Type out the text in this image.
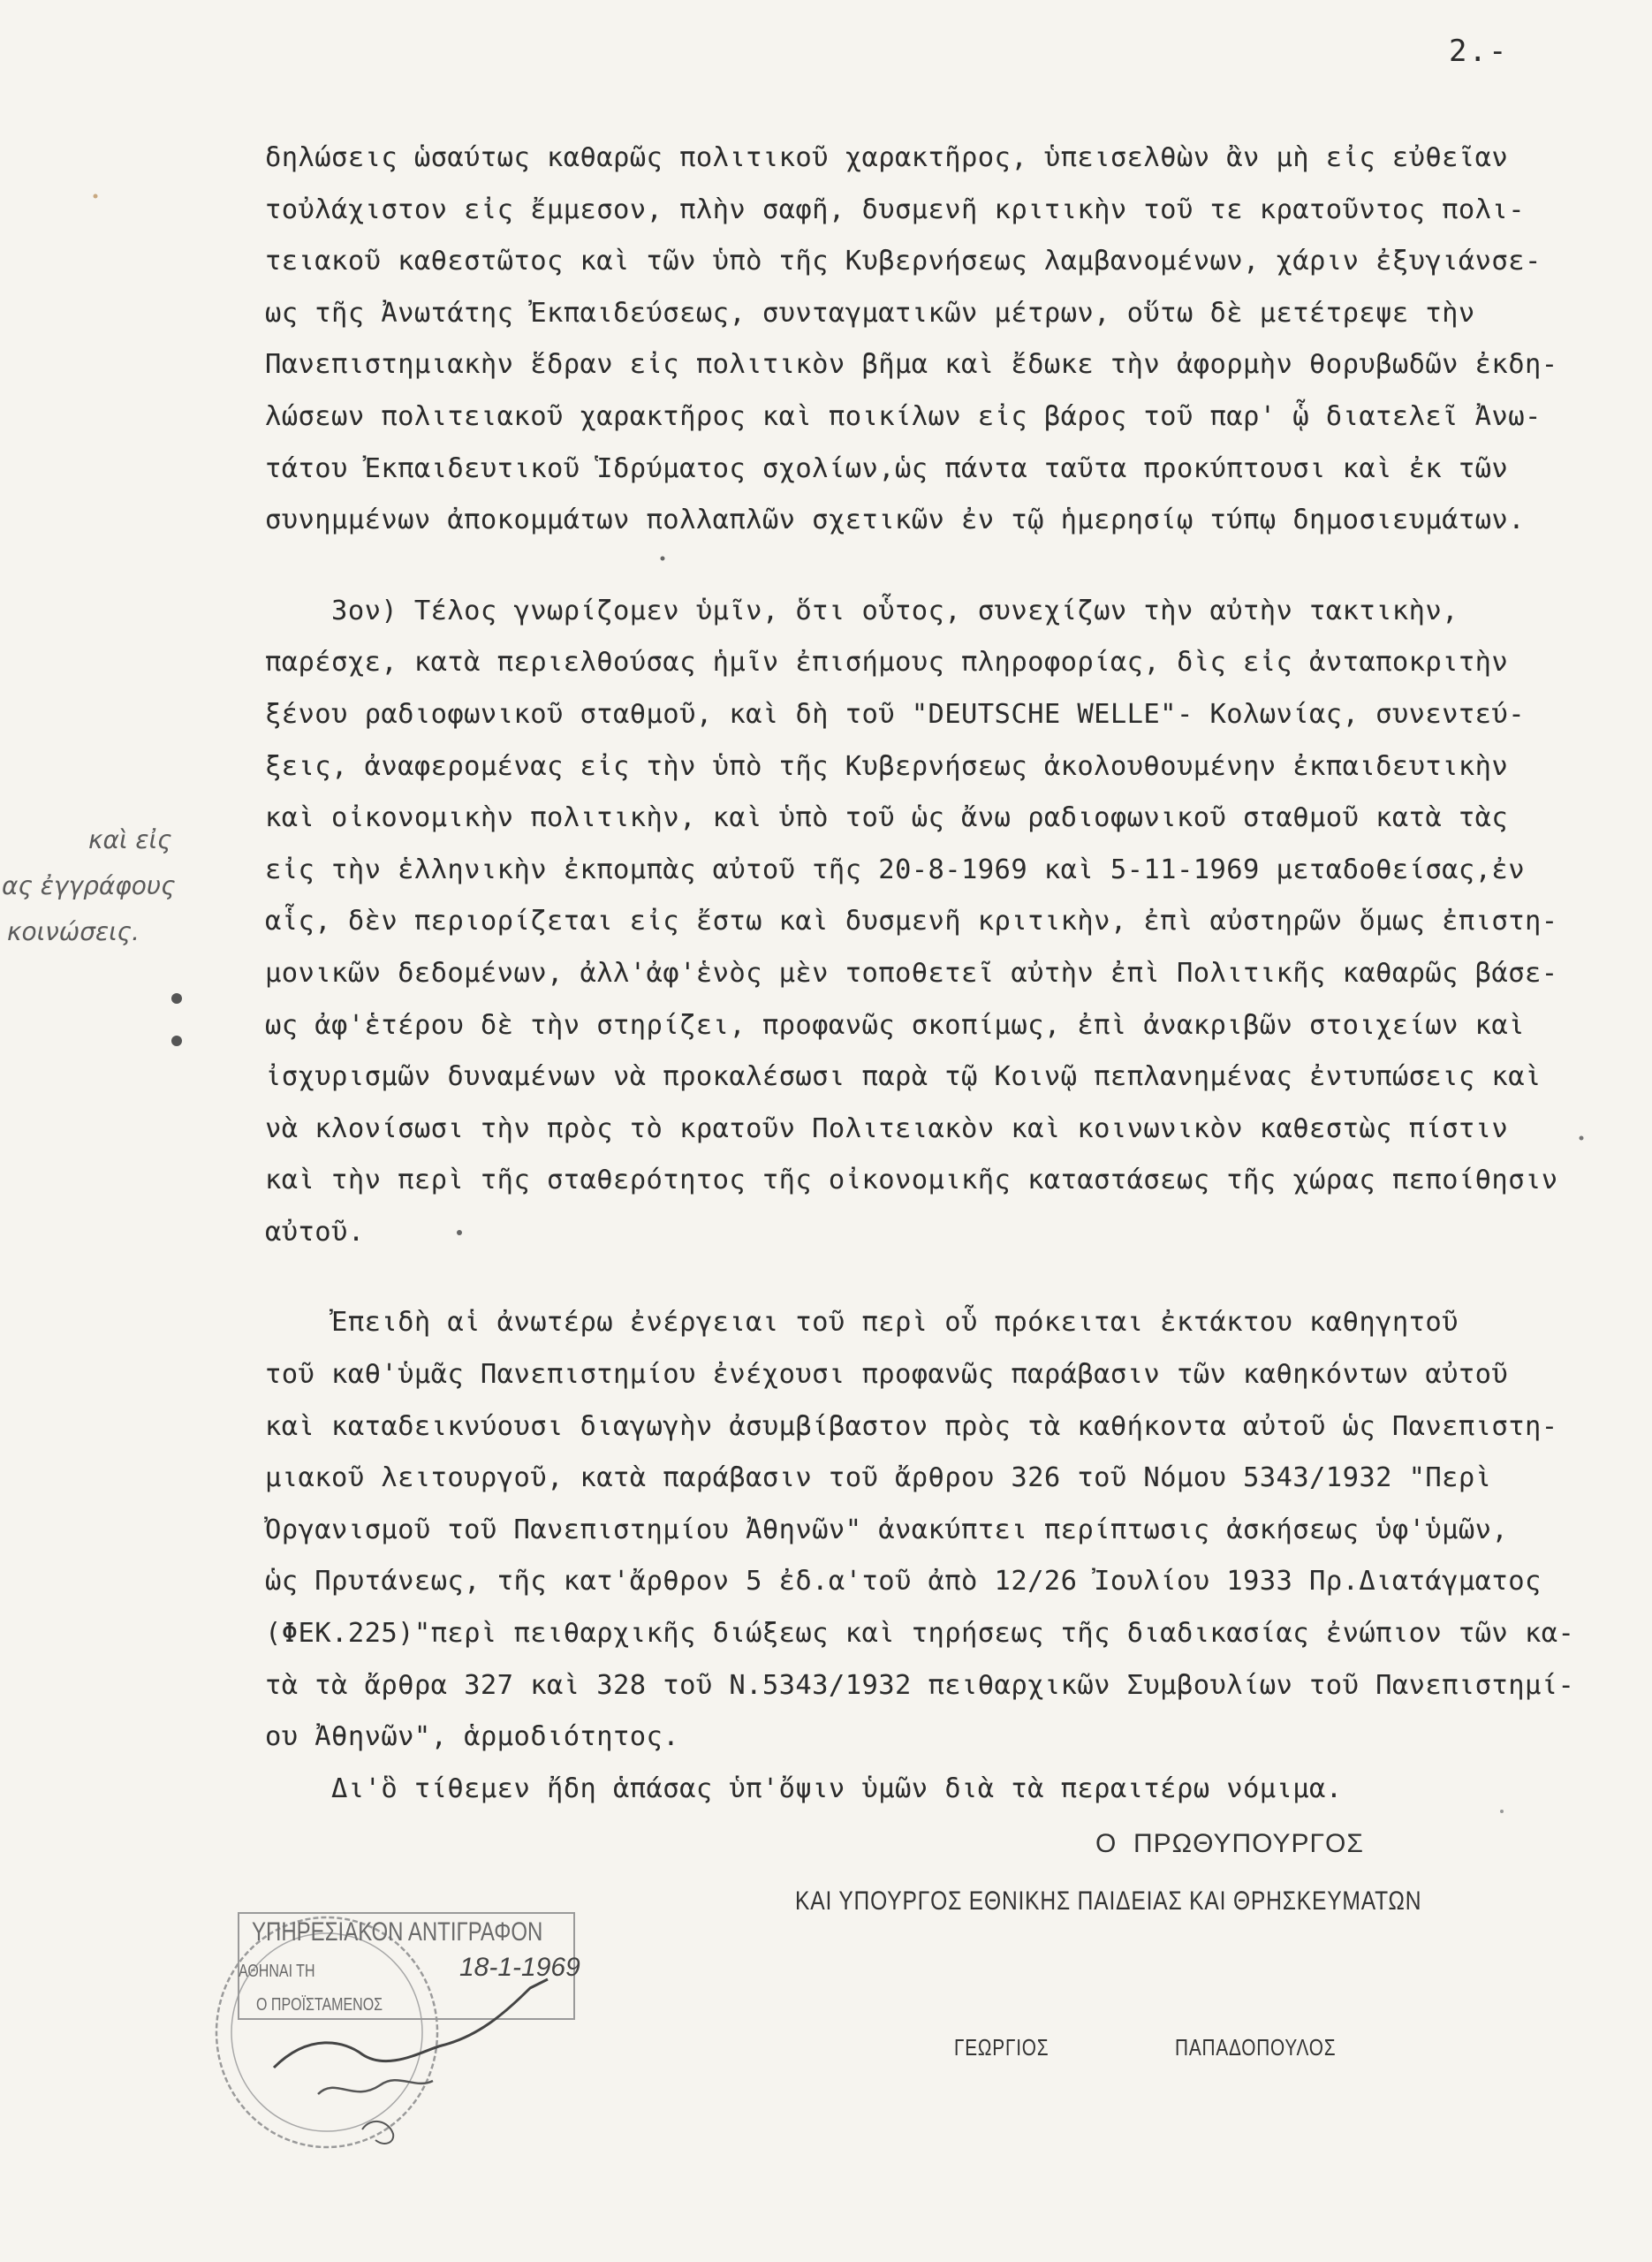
2.-
δηλώσεις ὡσαύτως καθαρῶς πολιτικοῦ χαρακτῆρος, ὑπεισελθὼν ἂν μὴ εἰς εὐθεῖαν
τοὐλάχιστον εἰς ἔμμεσον, πλὴν σαφῆ, δυσμενῆ κριτικὴν τοῦ τε κρατοῦντος πολι-
τειακοῦ καθεστῶτος καὶ τῶν ὑπὸ τῆς Κυβερνήσεως λαμβανομένων, χάριν ἐξυγιάνσε-
ως τῆς Ἀνωτάτης Ἐκπαιδεύσεως, συνταγματικῶν μέτρων, οὕτω δὲ μετέτρεψε τὴν
Πανεπιστημιακὴν ἕδραν εἰς πολιτικὸν βῆμα καὶ ἔδωκε τὴν ἀφορμὴν θορυβωδῶν ἐκδη-
λώσεων πολιτειακοῦ χαρακτῆρος καὶ ποικίλων εἰς βάρος τοῦ παρ' ᾧ διατελεῖ Ἀνω-
τάτου Ἐκπαιδευτικοῦ Ἱδρύματος σχολίων,ὡς πάντα ταῦτα προκύπτουσι καὶ ἐκ τῶν
συνημμένων ἀποκομμάτων πολλαπλῶν σχετικῶν ἐν τῷ ἡμερησίῳ τύπῳ δημοσιευμάτων.
3ον) Τέλος γνωρίζομεν ὑμῖν, ὅτι οὗτος, συνεχίζων τὴν αὐτὴν τακτικὴν,
παρέσχε, κατὰ περιελθούσας ἡμῖν ἐπισήμους πληροφορίας, δὶς εἰς ἀνταποκριτὴν
ξένου ραδιοφωνικοῦ σταθμοῦ, καὶ δὴ τοῦ "DEUTSCHE WELLE"- Κολωνίας, συνεντεύ-
ξεις, ἀναφερομένας εἰς τὴν ὑπὸ τῆς Κυβερνήσεως ἀκολουθουμένην ἐκπαιδευτικὴν
καὶ οἰκονομικὴν πολιτικὴν, καὶ ὑπὸ τοῦ ὡς ἄνω ραδιοφωνικοῦ σταθμοῦ κατὰ τὰς
εἰς τὴν ἑλληνικὴν ἐκπομπὰς αὐτοῦ τῆς 20-8-1969 καὶ 5-11-1969 μεταδοθείσας,ἐν
αἷς, δὲν περιορίζεται εἰς ἔστω καὶ δυσμενῆ κριτικὴν, ἐπὶ αὐστηρῶν ὅμως ἐπιστη-
μονικῶν δεδομένων, ἀλλ'ἀφ'ἑνὸς μὲν τοποθετεῖ αὐτὴν ἐπὶ Πολιτικῆς καθαρῶς βάσε-
ως ἀφ'ἑτέρου δὲ τὴν στηρίζει, προφανῶς σκοπίμως, ἐπὶ ἀνακριβῶν στοιχείων καὶ
ἰσχυρισμῶν δυναμένων νὰ προκαλέσωσι παρὰ τῷ Κοινῷ πεπλανημένας ἐντυπώσεις καὶ
νὰ κλονίσωσι τὴν πρὸς τὸ κρατοῦν Πολιτειακὸν καὶ κοινωνικὸν καθεστὼς πίστιν
καὶ τὴν περὶ τῆς σταθερότητος τῆς οἰκονομικῆς καταστάσεως τῆς χώρας πεποίθησιν
αὐτοῦ.
Ἐπειδὴ αἱ ἀνωτέρω ἐνέργειαι τοῦ περὶ οὗ πρόκειται ἐκτάκτου καθηγητοῦ
τοῦ καθ'ὑμᾶς Πανεπιστημίου ἐνέχουσι προφανῶς παράβασιν τῶν καθηκόντων αὐτοῦ
καὶ καταδεικνύουσι διαγωγὴν ἀσυμβίβαστον πρὸς τὰ καθήκοντα αὐτοῦ ὡς Πανεπιστη-
μιακοῦ λειτουργοῦ, κατὰ παράβασιν τοῦ ἄρθρου 326 τοῦ Νόμου 5343/1932 "Περὶ
Ὀργανισμοῦ τοῦ Πανεπιστημίου Ἀθηνῶν" ἀνακύπτει περίπτωσις ἀσκήσεως ὑφ'ὑμῶν,
ὡς Πρυτάνεως, τῆς κατ'ἄρθρον 5 ἐδ.α'τοῦ ἀπὸ 12/26 Ἰουλίου 1933 Πρ.Διατάγματος
(ΦΕΚ.225)"περὶ πειθαρχικῆς διώξεως καὶ τηρήσεως τῆς διαδικασίας ἐνώπιον τῶν κα-
τὰ τὰ ἄρθρα 327 καὶ 328 τοῦ Ν.5343/1932 πειθαρχικῶν Συμβουλίων τοῦ Πανεπιστημί-
ου Ἀθηνῶν", ἁρμοδιότητος.
Δι'ὃ τίθεμεν ἤδη ἁπάσας ὑπ'ὄψιν ὑμῶν διὰ τὰ περαιτέρω νόμιμα.
καὶ εἰς
ας ἐγγράφους
κοινώσεις.
ΥΠΗΡΕΣΙΑΚΟΝ ΑΝΤΙΓΡΑΦΟΝ
ΑΘΗΝΑΙ ΤΗ	18-1-1969
Ο ΠΡΟΪΣΤΑΜΕΝΟΣ
Ο  ΠΡΩΘΥΠΟΥΡΓΟΣ
ΚΑΙ ΥΠΟΥΡΓΟΣ ΕΘΝΙΚΗΣ ΠΑΙΔΕΙΑΣ ΚΑΙ ΘΡΗΣΚΕΥΜΑΤΩΝ
ΓΕΩΡΓΙΟΣ	ΠΑΠΑΔΟΠΟΥΛΟΣ
